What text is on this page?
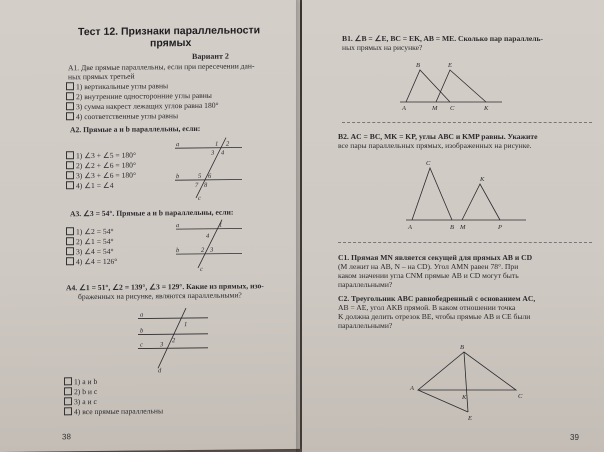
Тест 12. Признаки параллельности
прямых
Вариант 2
А1. Две прямые параллельны, если при пересечении дан-
ных прямых третьей
1) вертикальные углы равны
2) внутренние односторонние углы равны
3) сумма накрест лежащих углов равна 180°
4) соответственные углы равны
А2. Прямые a и b параллельны, если:
1) ∠3 + ∠5 = 180°
2) ∠2 + ∠6 = 180°
3) ∠3 + ∠6 = 180°
4) ∠1 = ∠4
a
b
c
1 2
3 4
5 6
7 8
А3. ∠3 = 54°. Прямые a и b параллельны, если:
1) ∠2 = 54°
2) ∠1 = 54°
3) ∠4 = 54°
4) ∠4 = 126°
a
b
c
1
2 3
4
А4. ∠1 = 51°, ∠2 = 139°, ∠3 = 129°. Какие из прямых, изо-
браженных на рисунке, являются параллельными?
a
b
c
d
1
2
3
1) a и b
2) b и c
3) a и c
4) все прямые параллельны
38
В1. ∠B = ∠E, BC = EK, AB = ME. Сколько пар параллель-
ных прямых на рисунке?
B	E
A	M C	K
В2. AC = BC, MK = KP, углы ABC и KMP равны. Укажите
все пары параллельных прямых, изображенных на рисунке.
C
K
A	B M	P
С1. Прямая MN является секущей для прямых AB и CD
(M лежит на AB, N – на CD). Угол AMN равен 78°. При
каком значении угла CNM прямые AB и CD могут быть
параллельными?
С2. Треугольник ABC равнобедренный с основанием AC,
AB = AE, угол AKB прямой. В каком отношении точка
K должна делить отрезок BE, чтобы прямые AB и CE были
параллельными?
B
A
K	C
E
39
